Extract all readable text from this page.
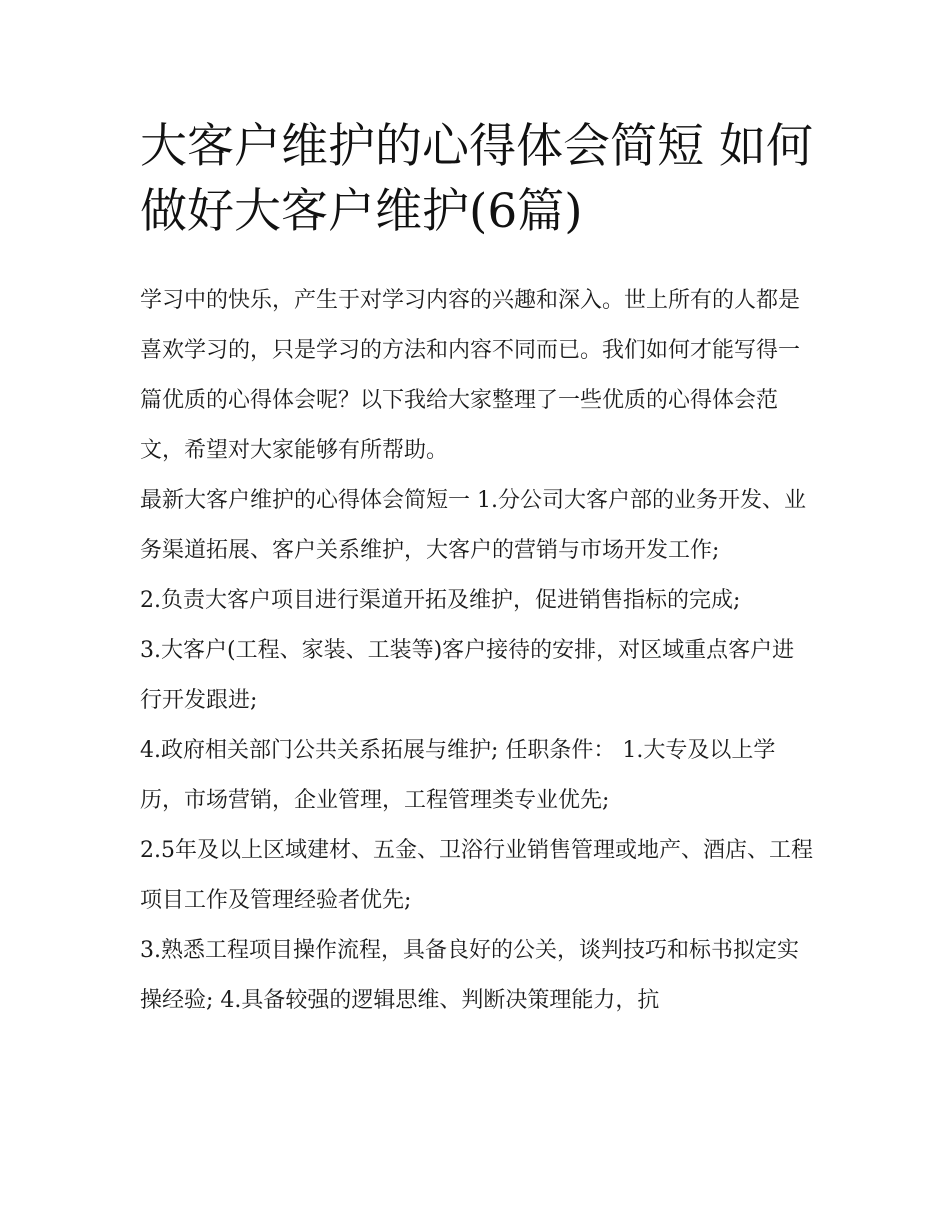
大客户维护的心得体会简短 如何做好大客户维护(6篇)

学习中的快乐，产生于对学习内容的兴趣和深入。世上所有的人都是喜欢学习的，只是学习的方法和内容不同而已。我们如何才能写得一篇优质的心得体会呢？以下我给大家整理了一些优质的心得体会范文，希望对大家能够有所帮助。

最新大客户维护的心得体会简短一 1.分公司大客户部的业务开发、业务渠道拓展、客户关系维护，大客户的营销与市场开发工作;

2.负责大客户项目进行渠道开拓及维护，促进销售指标的完成;

3.大客户(工程、家装、工装等)客户接待的安排，对区域重点客户进行开发跟进;

4.政府相关部门公共关系拓展与维护; 任职条件： 1.大专及以上学历，市场营销，企业管理，工程管理类专业优先;

2.5年及以上区域建材、五金、卫浴行业销售管理或地产、酒店、工程项目工作及管理经验者优先;

3.熟悉工程项目操作流程，具备良好的公关，谈判技巧和标书拟定实操经验; 4.具备较强的逻辑思维、判断决策理能力，抗
